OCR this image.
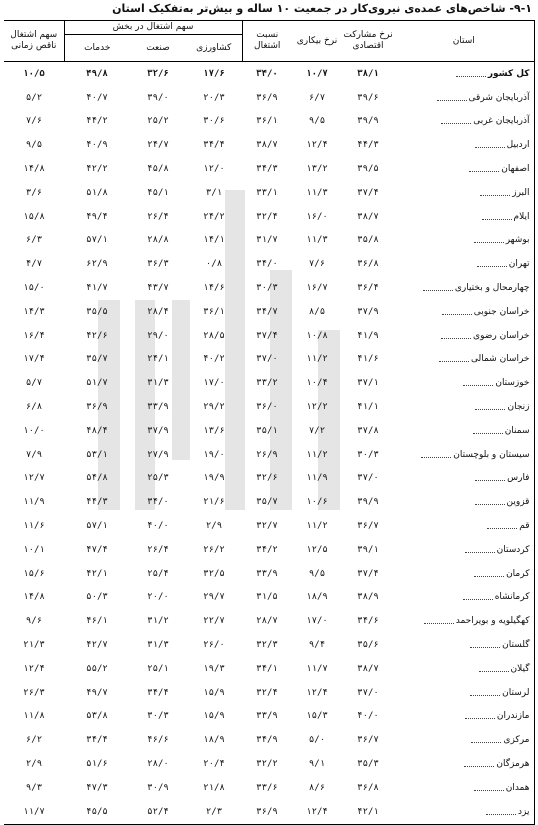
۹-۱- شاخص‌های عمده‌ی نیروی‌کار در جمعیت ۱۰ ساله و بیش‌تر به‌تفکیک استان
استان	نرخ مشارکت اقتصادی	نرخ بیکاری	نسبت اشتغال	سهم اشتغال در بخش			سهم اشتغال ناقص زمانی
				کشاورزی	صنعت	خدمات	
کل کشور	۳۸/۱	۱۰/۷	۳۴/۰	۱۷/۶	۳۲/۶	۴۹/۸	۱۰/۵
آذربایجان شرقی	۳۹/۶	۶/۷	۳۶/۹	۲۰/۳	۳۹/۰	۴۰/۷	۵/۲
آذربایجان غربی	۳۹/۹	۹/۵	۳۶/۱	۳۰/۶	۲۵/۲	۴۴/۲	۷/۶
اردبیل	۴۴/۳	۱۲/۴	۳۸/۷	۳۴/۴	۲۴/۷	۴۰/۹	۹/۵
اصفهان	۳۹/۵	۱۳/۲	۳۴/۳	۱۲/۰	۴۵/۸	۴۲/۲	۱۴/۸
البرز	۳۷/۴	۱۱/۳	۳۳/۱	۳/۱	۴۵/۱	۵۱/۸	۳/۶
ایلام	۳۸/۷	۱۶/۰	۳۲/۴	۲۴/۲	۲۶/۴	۴۹/۴	۱۵/۸
بوشهر	۳۵/۸	۱۱/۳	۳۱/۷	۱۴/۱	۲۸/۸	۵۷/۱	۶/۳
تهران	۳۶/۸	۷/۶	۳۴/۰	۰/۸	۳۶/۳	۶۲/۹	۴/۷
چهارمحال و بختیاری	۳۶/۴	۱۶/۷	۳۰/۳	۱۴/۶	۴۳/۷	۴۱/۷	۱۵/۰
خراسان جنوبی	۳۷/۹	۸/۵	۳۴/۷	۳۶/۱	۲۸/۴	۳۵/۵	۱۴/۳
خراسان رضوی	۴۱/۹	۱۰/۸	۳۷/۴	۲۸/۵	۲۹/۰	۴۲/۶	۱۶/۴
خراسان شمالی	۴۱/۶	۱۱/۲	۳۷/۰	۴۰/۲	۲۴/۱	۳۵/۷	۱۷/۴
خوزستان	۳۷/۱	۱۰/۴	۳۳/۲	۱۷/۰	۳۱/۳	۵۱/۷	۵/۷
زنجان	۴۱/۱	۱۲/۲	۳۶/۰	۲۹/۲	۳۳/۹	۳۶/۹	۶/۸
سمنان	۳۷/۸	۷/۲	۳۵/۱	۱۳/۶	۳۷/۹	۴۸/۴	۱۰/۰
سیستان و بلوچستان	۳۰/۳	۱۱/۲	۲۶/۹	۱۹/۰	۲۷/۹	۵۳/۱	۷/۹
فارس	۳۷/۰	۱۱/۹	۳۲/۶	۱۹/۹	۲۵/۳	۵۴/۸	۱۲/۷
قزوین	۳۹/۹	۱۰/۶	۳۵/۷	۲۱/۶	۳۴/۰	۴۴/۳	۱۱/۹
قم	۳۶/۷	۱۱/۲	۳۲/۷	۲/۹	۴۰/۰	۵۷/۱	۱۱/۶
کردستان	۳۹/۱	۱۲/۵	۳۴/۲	۲۶/۲	۲۶/۴	۴۷/۴	۱۰/۱
کرمان	۳۷/۴	۹/۵	۳۳/۹	۳۲/۵	۲۵/۴	۴۲/۱	۱۵/۶
کرمانشاه	۳۸/۹	۱۸/۹	۳۱/۵	۲۹/۷	۲۰/۰	۵۰/۳	۱۴/۸
کهگیلویه و بویراحمد	۳۴/۶	۱۷/۰	۲۸/۷	۲۲/۷	۳۱/۲	۴۶/۱	۹/۶
گلستان	۳۵/۶	۹/۴	۳۲/۳	۲۶/۰	۳۱/۳	۴۲/۷	۲۱/۳
گیلان	۳۸/۷	۱۱/۷	۳۴/۱	۱۹/۳	۲۵/۱	۵۵/۲	۱۲/۴
لرستان	۳۷/۰	۱۲/۴	۳۲/۴	۱۵/۹	۳۴/۴	۴۹/۷	۲۶/۳
مازندران	۴۰/۰	۱۵/۳	۳۳/۹	۱۵/۹	۳۰/۳	۵۳/۸	۱۱/۸
مرکزی	۳۶/۷	۵/۰	۳۴/۹	۱۸/۹	۴۶/۶	۳۴/۴	۶/۲
هرمزگان	۳۵/۳	۹/۱	۳۲/۲	۲۰/۴	۲۸/۰	۵۱/۶	۲/۹
همدان	۳۶/۸	۸/۶	۳۳/۶	۲۱/۸	۳۰/۹	۴۷/۳	۹/۳
یزد	۴۲/۱	۱۲/۴	۳۶/۹	۲/۳	۵۲/۴	۴۵/۵	۱۱/۷
